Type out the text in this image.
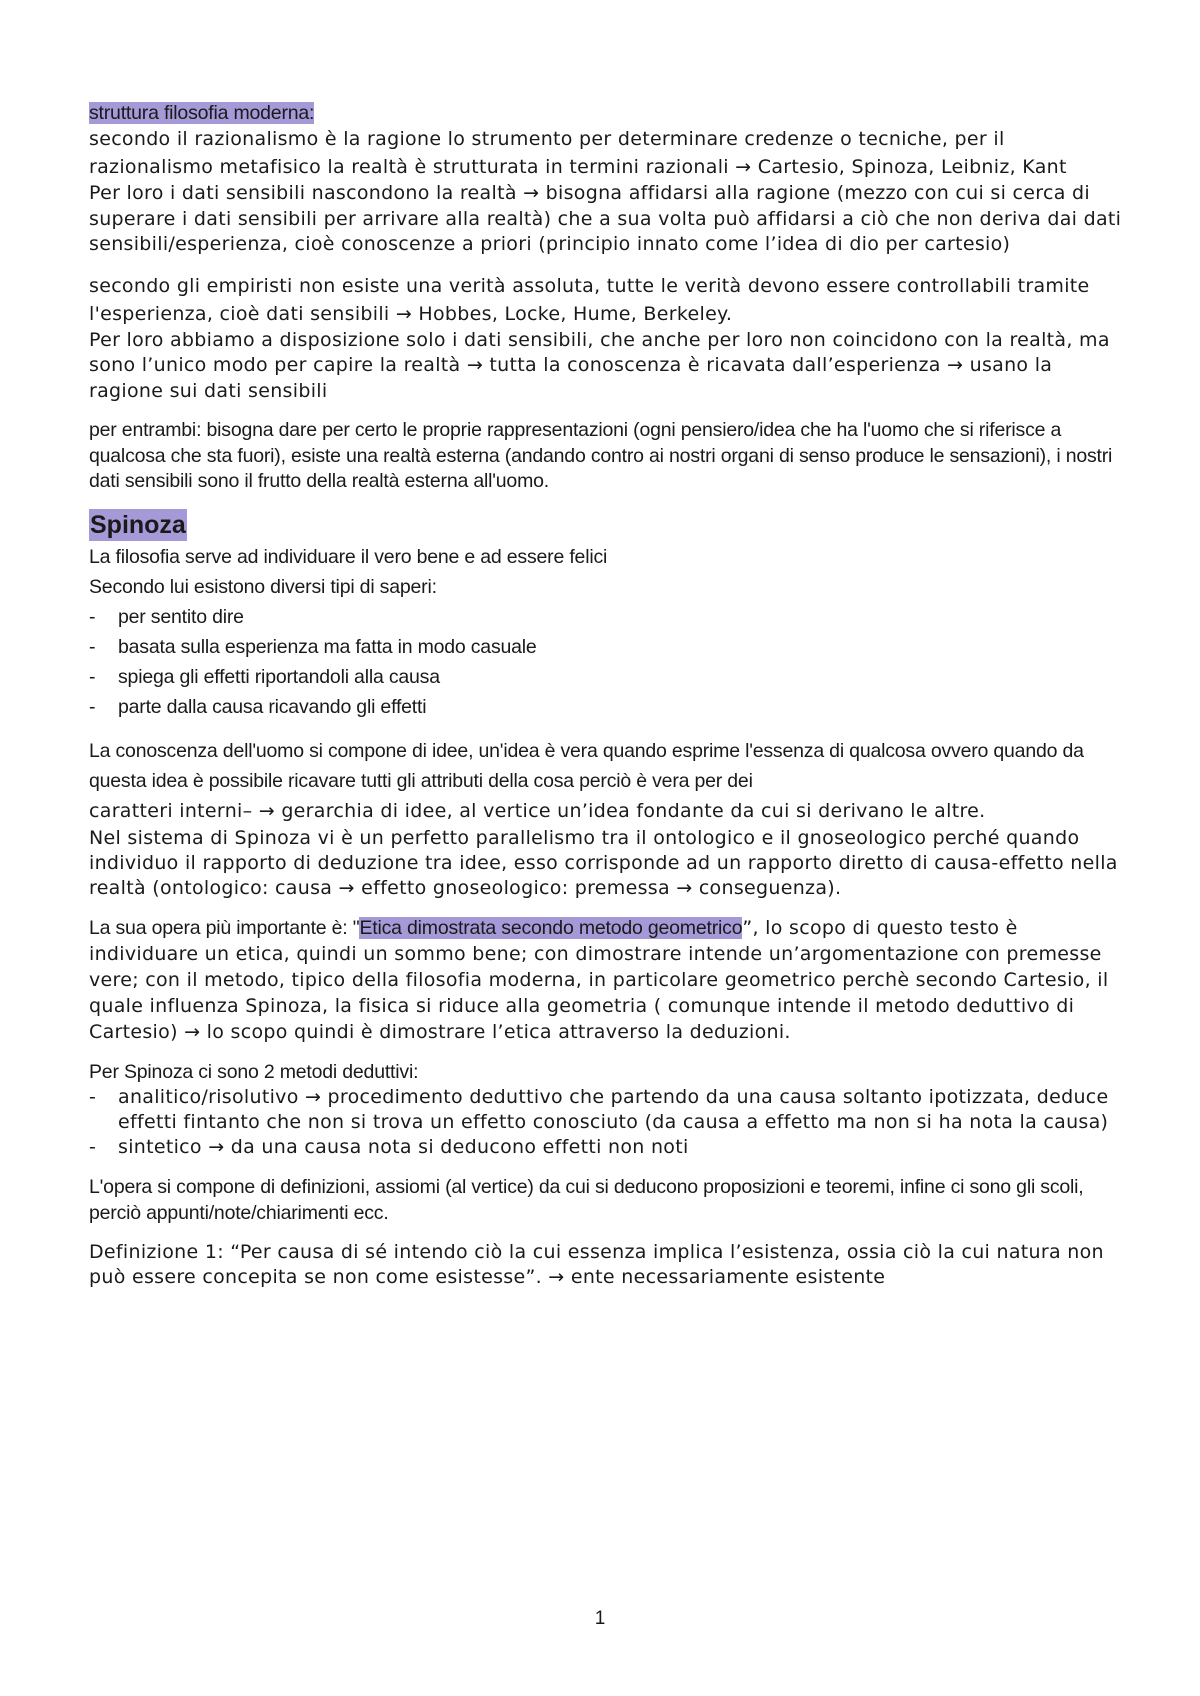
struttura filosofia moderna:

secondo il razionalismo è la ragione lo strumento per determinare credenze o tecniche, per il razionalismo metafisico la realtà è strutturata in termini razionali → Cartesio, Spinoza, Leibniz, Kant

Per loro i dati sensibili nascondono la realtà → bisogna affidarsi alla ragione (mezzo con cui si cerca di superare i dati sensibili per arrivare alla realtà) che a sua volta può affidarsi a ciò che non deriva dai dati sensibili/esperienza, cioè conoscenze a priori (principio innato come l’idea di dio per cartesio)

secondo gli empiristi non esiste una verità assoluta, tutte le verità devono essere controllabili tramite l'esperienza, cioè dati sensibili → Hobbes, Locke, Hume, Berkeley.

Per loro abbiamo a disposizione solo i dati sensibili, che anche per loro non coincidono con la realtà, ma sono l’unico modo per capire la realtà → tutta la conoscenza è ricavata dall’esperienza → usano la ragione sui dati sensibili

per entrambi: bisogna dare per certo le proprie rappresentazioni (ogni pensiero/idea che ha l'uomo che si riferisce a qualcosa che sta fuori), esiste una realtà esterna (andando contro ai nostri organi di senso produce le sensazioni), i nostri dati sensibili sono il frutto della realtà esterna all'uomo.

Spinoza

La filosofia serve ad individuare il vero bene e ad essere felici

Secondo lui esistono diversi tipi di saperi:

- per sentito dire
- basata sulla esperienza ma fatta in modo casuale
- spiega gli effetti riportandoli alla causa
- parte dalla causa ricavando gli effetti

La conoscenza dell'uomo si compone di idee, un'idea è vera quando esprime l'essenza di qualcosa ovvero quando da questa idea è possibile ricavare tutti gli attributi della cosa perciò è vera per dei

caratteri interni– → gerarchia di idee, al vertice un’idea fondante da cui si derivano le altre.

Nel sistema di Spinoza vi è un perfetto parallelismo tra il ontologico e il gnoseologico perché quando individuo il rapporto di deduzione tra idee, esso corrisponde ad un rapporto diretto di causa-effetto nella realtà (ontologico: causa → effetto gnoseologico: premessa → conseguenza).

La sua opera più importante è: "Etica dimostrata secondo metodo geometrico”, lo scopo di questo testo è individuare un etica, quindi un sommo bene; con dimostrare intende un’argomentazione con premesse vere; con il metodo, tipico della filosofia moderna, in particolare geometrico perchè secondo Cartesio, il quale influenza Spinoza, la fisica si riduce alla geometria ( comunque intende il metodo deduttivo di Cartesio) → lo scopo quindi è dimostrare l’etica attraverso la deduzioni.

Per Spinoza ci sono 2 metodi deduttivi:

- analitico/risolutivo → procedimento deduttivo che partendo da una causa soltanto ipotizzata, deduce effetti fintanto che non si trova un effetto conosciuto (da causa a effetto ma non si ha nota la causa)
- sintetico → da una causa nota si deducono effetti non noti

L'opera si compone di definizioni, assiomi (al vertice) da cui si deducono proposizioni e teoremi, infine ci sono gli scoli, perciò appunti/note/chiarimenti ecc.

Definizione 1: “Per causa di sé intendo ciò la cui essenza implica l’esistenza, ossia ciò la cui natura non può essere concepita se non come esistesse”. → ente necessariamente esistente

1
